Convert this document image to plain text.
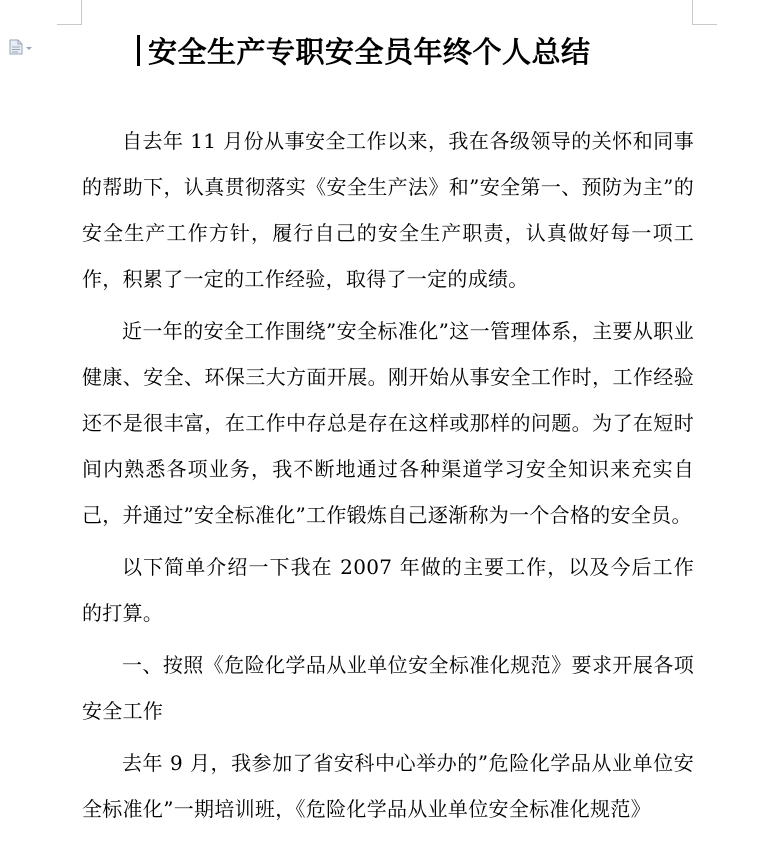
安全生产专职安全员年终个人总结

自去年 11 月份从事安全工作以来，我在各级领导的关怀和同事的帮助下，认真贯彻落实《安全生产法》和”安全第一、预防为主”的安全生产工作方针，履行自己的安全生产职责，认真做好每一项工作，积累了一定的工作经验，取得了一定的成绩。

近一年的安全工作围绕”安全标准化”这一管理体系，主要从职业健康、安全、环保三大方面开展。刚开始从事安全工作时，工作经验还不是很丰富，在工作中存总是存在这样或那样的问题。为了在短时间内熟悉各项业务，我不断地通过各种渠道学习安全知识来充实自己，并通过”安全标准化”工作锻炼自己逐渐称为一个合格的安全员。

以下简单介绍一下我在 2007 年做的主要工作，以及今后工作的打算。

一、按照《危险化学品从业单位安全标准化规范》要求开展各项安全工作

去年 9 月，我参加了省安科中心举办的”危险化学品从业单位安全标准化”一期培训班，《危险化学品从业单位安全标准化规范》
